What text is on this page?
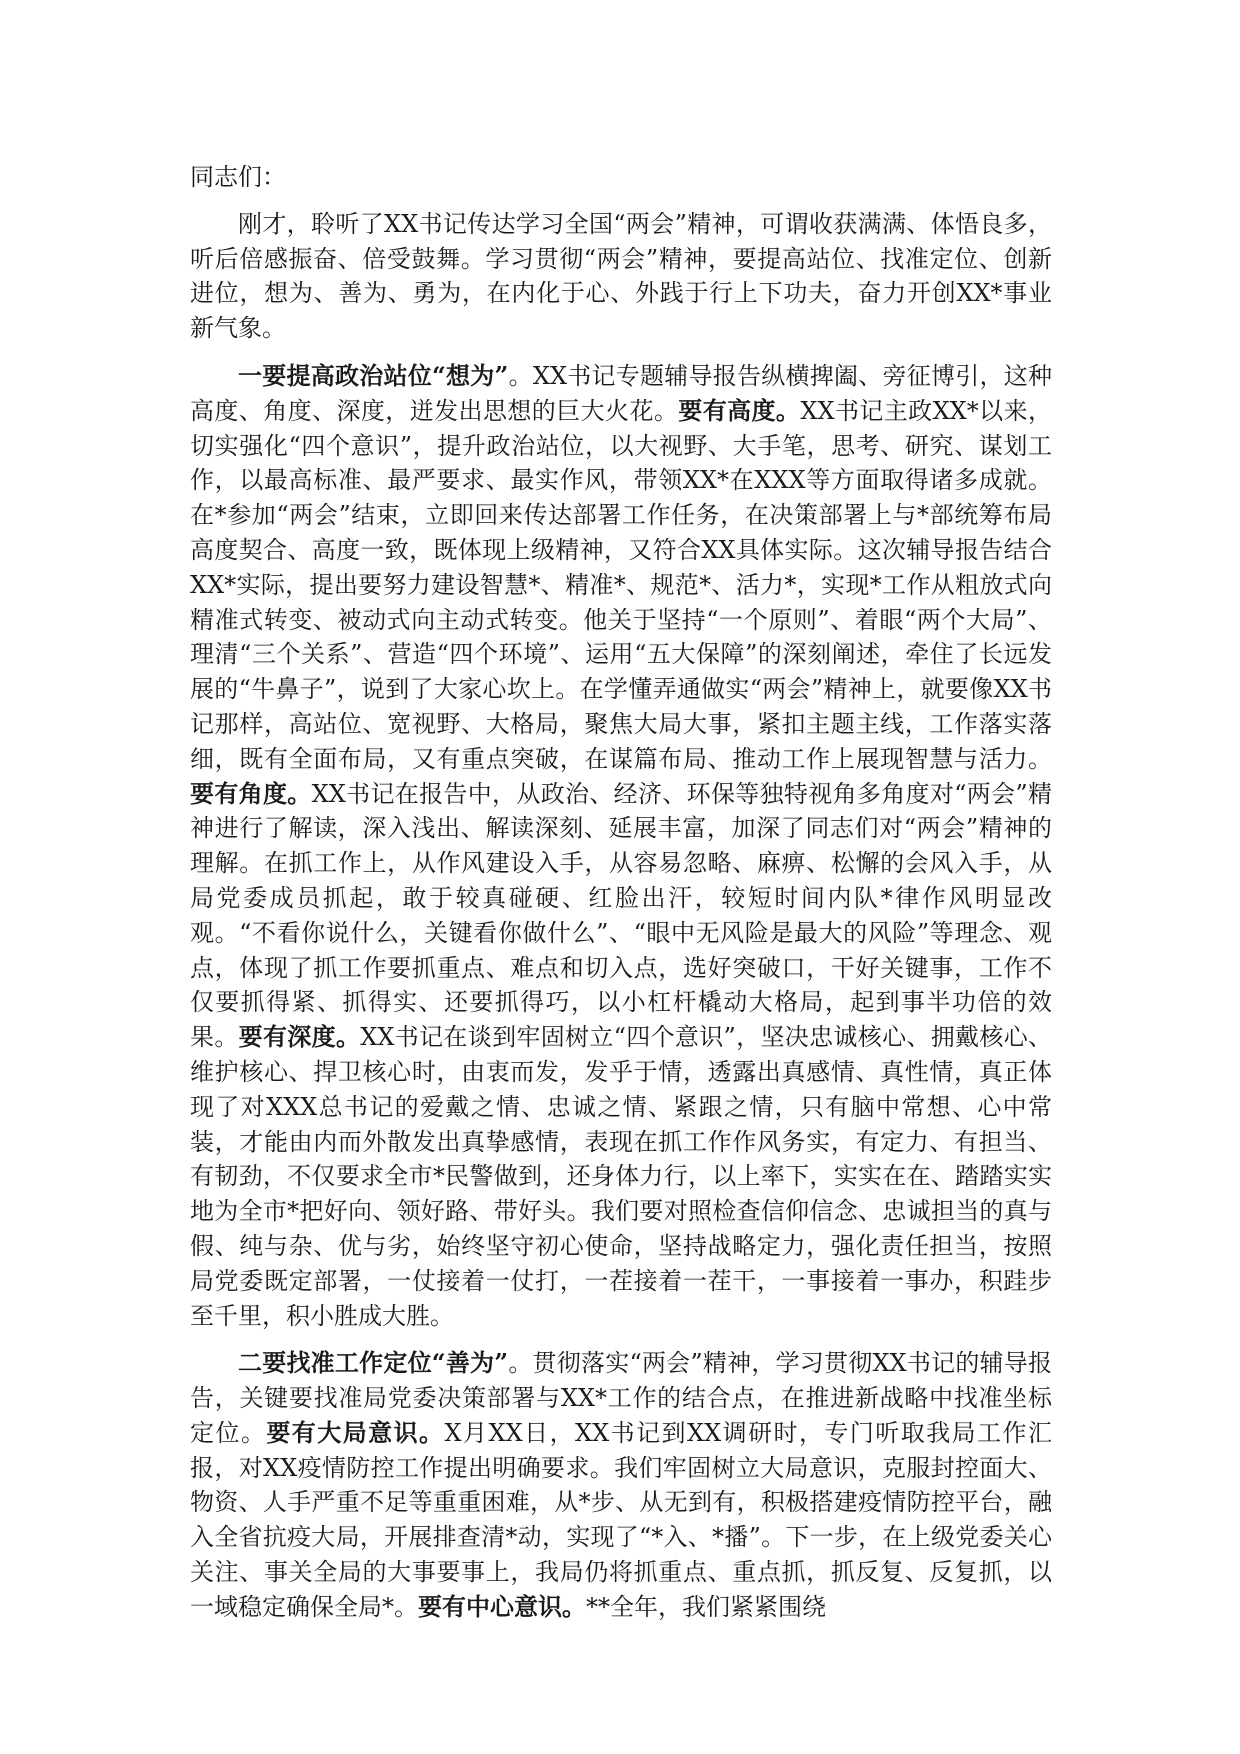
同志们：

刚才，聆听了XX书记传达学习全国“两会”精神，可谓收获满满、体悟良多，听后倍感振奋、倍受鼓舞。学习贯彻“两会”精神，要提高站位、找准定位、创新进位，想为、善为、勇为，在内化于心、外践于行上下功夫，奋力开创XX*事业新气象。

一要提高政治站位“想为”。XX书记专题辅导报告纵横捭阖、旁征博引，这种高度、角度、深度，迸发出思想的巨大火花。要有高度。XX书记主政XX*以来，切实强化“四个意识”，提升政治站位，以大视野、大手笔，思考、研究、谋划工作，以最高标准、最严要求、最实作风，带领XX*在XXX等方面取得诸多成就。在*参加“两会”结束，立即回来传达部署工作任务，在决策部署上与*部统筹布局高度契合、高度一致，既体现上级精神，又符合XX具体实际。这次辅导报告结合XX*实际，提出要努力建设智慧*、精准*、规范*、活力*，实现*工作从粗放式向精准式转变、被动式向主动式转变。他关于坚持“一个原则”、着眼“两个大局”、理清“三个关系”、营造“四个环境”、运用“五大保障”的深刻阐述，牵住了长远发展的“牛鼻子”，说到了大家心坎上。在学懂弄通做实“两会”精神上，就要像XX书记那样，高站位、宽视野、大格局，聚焦大局大事，紧扣主题主线，工作落实落细，既有全面布局，又有重点突破，在谋篇布局、推动工作上展现智慧与活力。要有角度。XX书记在报告中，从政治、经济、环保等独特视角多角度对“两会”精神进行了解读，深入浅出、解读深刻、延展丰富，加深了同志们对“两会”精神的理解。在抓工作上，从作风建设入手，从容易忽略、麻痹、松懈的会风入手，从局党委成员抓起，敢于较真碰硬、红脸出汗，较短时间内队*律作风明显改观。“不看你说什么，关键看你做什么”、“眼中无风险是最大的风险”等理念、观点，体现了抓工作要抓重点、难点和切入点，选好突破口，干好关键事，工作不仅要抓得紧、抓得实、还要抓得巧，以小杠杆橇动大格局，起到事半功倍的效果。要有深度。XX书记在谈到牢固树立“四个意识”，坚决忠诚核心、拥戴核心、维护核心、捍卫核心时，由衷而发，发乎于情，透露出真感情、真性情，真正体现了对XXX总书记的爱戴之情、忠诚之情、紧跟之情，只有脑中常想、心中常装，才能由内而外散发出真挚感情，表现在抓工作作风务实，有定力、有担当、有韧劲，不仅要求全市*民警做到，还身体力行，以上率下，实实在在、踏踏实实地为全市*把好向、领好路、带好头。我们要对照检查信仰信念、忠诚担当的真与假、纯与杂、优与劣，始终坚守初心使命，坚持战略定力，强化责任担当，按照局党委既定部署，一仗接着一仗打，一茬接着一茬干，一事接着一事办，积跬步至千里，积小胜成大胜。

二要找准工作定位“善为”。贯彻落实“两会”精神，学习贯彻XX书记的辅导报告，关键要找准局党委决策部署与XX*工作的结合点，在推进新战略中找准坐标定位。要有大局意识。X月XX日，XX书记到XX调研时，专门听取我局工作汇报，对XX疫情防控工作提出明确要求。我们牢固树立大局意识，克服封控面大、物资、人手严重不足等重重困难，从*步、从无到有，积极搭建疫情防控平台，融入全省抗疫大局，开展排查清*动，实现了“*入、*播”。下一步，在上级党委关心关注、事关全局的大事要事上，我局仍将抓重点、重点抓，抓反复、反复抓，以一域稳定确保全局*。要有中心意识。**全年，我们紧紧围绕
